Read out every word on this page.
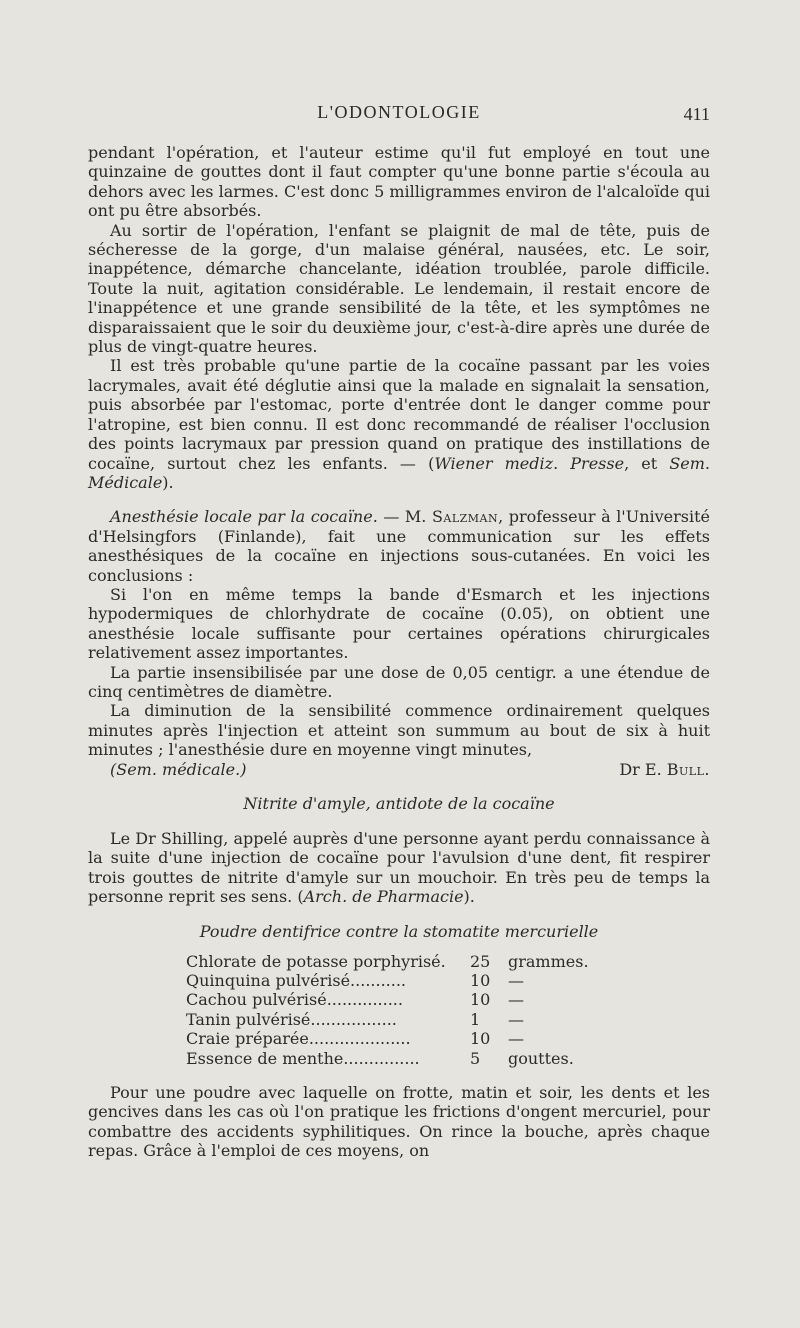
L'ODONTOLOGIE	411

pendant l'opération, et l'auteur estime qu'il fut employé en tout une quinzaine de gouttes dont il faut compter qu'une bonne partie s'écoula au dehors avec les larmes. C'est donc 5 milligrammes environ de l'alcaloïde qui ont pu être absorbés.

Au sortir de l'opération, l'enfant se plaignit de mal de tête, puis de sécheresse de la gorge, d'un malaise général, nausées, etc. Le soir, inappétence, démarche chancelante, idéation troublée, parole difficile. Toute la nuit, agitation considérable. Le lendemain, il restait encore de l'inappétence et une grande sensibilité de la tête, et les symptômes ne disparaissaient que le soir du deuxième jour, c'est-à-dire après une durée de plus de vingt-quatre heures.

Il est très probable qu'une partie de la cocaïne passant par les voies lacrymales, avait été déglutie ainsi que la malade en signalait la sensation, puis absorbée par l'estomac, porte d'entrée dont le danger comme pour l'atropine, est bien connu. Il est donc recommandé de réaliser l'occlusion des points lacrymaux par pression quand on pratique des instillations de cocaïne, surtout chez les enfants. — (Wiener mediz. Presse, et Sem. Médicale).

Anesthésie locale par la cocaïne. — M. Salzman, professeur à l'Université d'Helsingfors (Finlande), fait une communication sur les effets anesthésiques de la cocaïne en injections sous-cutanées. En voici les conclusions :

Si l'on en même temps la bande d'Esmarch et les injections hypodermiques de chlorhydrate de cocaïne (0.05), on obtient une anesthésie locale suffisante pour certaines opérations chirurgicales relativement assez importantes.

La partie insensibilisée par une dose de 0,05 centigr. a une étendue de cinq centimètres de diamètre.

La diminution de la sensibilité commence ordinairement quelques minutes après l'injection et atteint son summum au bout de six à huit minutes ; l'anesthésie dure en moyenne vingt minutes,

(Sem. médicale.)	Dr E. Bull.

Nitrite d'amyle, antidote de la cocaïne

Le Dr Shilling, appelé auprès d'une personne ayant perdu connaissance à la suite d'une injection de cocaïne pour l'avulsion d'une dent, fit respirer trois gouttes de nitrite d'amyle sur un mouchoir. En très peu de temps la personne reprit ses sens. (Arch. de Pharmacie).

Poudre dentifrice contre la stomatite mercurielle

Chlorate de potasse porphyrisé.	25	grammes.
Quinquina pulvérisé...........	10	—
Cachou pulvérisé...............	10	—
Tanin pulvérisé.................	1	—
Craie préparée....................	10	—
Essence de menthe...............	5	gouttes.

Pour une poudre avec laquelle on frotte, matin et soir, les dents et les gencives dans les cas où l'on pratique les frictions d'ongent mercuriel, pour combattre des accidents syphilitiques. On rince la bouche, après chaque repas. Grâce à l'emploi de ces moyens, on
